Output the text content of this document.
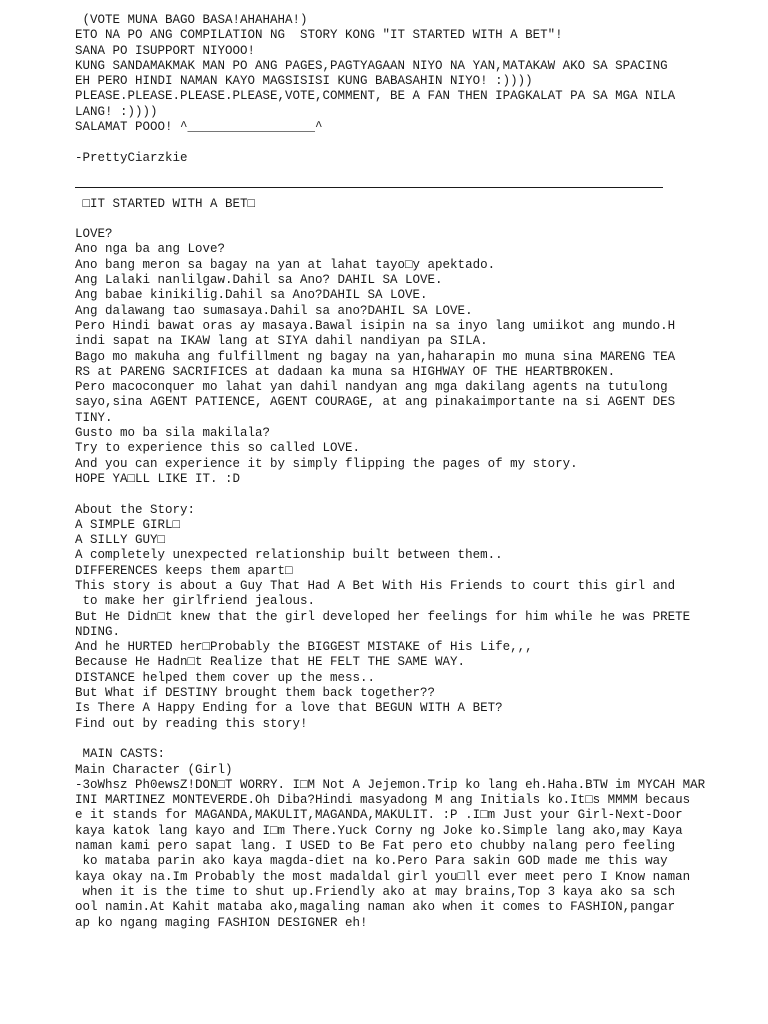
(VOTE MUNA BAGO BASA!AHAHAHA!)
ETO NA PO ANG COMPILATION NG  STORY KONG "IT STARTED WITH A BET"!
SANA PO ISUPPORT NIYOOO!
KUNG SANDAMAKMAK MAN PO ANG PAGES,PAGTYAGAAN NIYO NA YAN,MATAKAW AKO SA SPACING
EH PERO HINDI NAMAN KAYO MAGSISISI KUNG BABASAHIN NIYO! :))))
PLEASE.PLEASE.PLEASE.PLEASE,VOTE,COMMENT, BE A FAN THEN IPAGKALAT PA SA MGA NILA
LANG! :))))
SALAMAT POOO! ^_________________^
-PrettyCiarzkie
□IT STARTED WITH A BET□
LOVE?
Ano nga ba ang Love?
Ano bang meron sa bagay na yan at lahat tayo□y apektado.
Ang Lalaki nanlilgaw.Dahil sa Ano? DAHIL SA LOVE.
Ang babae kinikilig.Dahil sa Ano?DAHIL SA LOVE.
Ang dalawang tao sumasaya.Dahil sa ano?DAHIL SA LOVE.
Pero Hindi bawat oras ay masaya.Bawal isipin na sa inyo lang umiikot ang mundo.H
indi sapat na IKAW lang at SIYA dahil nandiyan pa SILA.
Bago mo makuha ang fulfillment ng bagay na yan,haharapin mo muna sina MARENG TEA
RS at PARENG SACRIFICES at dadaan ka muna sa HIGHWAY OF THE HEARTBROKEN.
Pero macoconquer mo lahat yan dahil nandyan ang mga dakilang agents na tutulong
sayo,sina AGENT PATIENCE, AGENT COURAGE, at ang pinakaimportante na si AGENT DES
TINY.
Gusto mo ba sila makilala?
Try to experience this so called LOVE.
And you can experience it by simply flipping the pages of my story.
HOPE YA□LL LIKE IT. :D
About the Story:
A SIMPLE GIRL□
A SILLY GUY□
A completely unexpected relationship built between them..
DIFFERENCES keeps them apart□
This story is about a Guy That Had A Bet With His Friends to court this girl and
to make her girlfriend jealous.
But He Didn□t knew that the girl developed her feelings for him while he was PRETE
NDING.
And he HURTED her□Probably the BIGGEST MISTAKE of His Life,,,
Because He Hadn□t Realize that HE FELT THE SAME WAY.
DISTANCE helped them cover up the mess..
But What if DESTINY brought them back together??
Is There A Happy Ending for a love that BEGUN WITH A BET?
Find out by reading this story!
MAIN CASTS:
Main Character (Girl)
-3oWhsz Ph0ewsZ!DON□T WORRY. I□M Not A Jejemon.Trip ko lang eh.Haha.BTW im MYCAH MAR
INI MARTINEZ MONTEVERDE.Oh Diba?Hindi masyadong M ang Initials ko.It□s MMMM becaus
e it stands for MAGANDA,MAKULIT,MAGANDA,MAKULIT. :P .I□m Just your Girl-Next-Door
kaya katok lang kayo and I□m There.Yuck Corny ng Joke ko.Simple lang ako,may Kaya
naman kami pero sapat lang. I USED to Be Fat pero eto chubby nalang pero feeling
ko mataba parin ako kaya magda-diet na ko.Pero Para sakin GOD made me this way
kaya okay na.Im Probably the most madaldal girl you□ll ever meet pero I Know naman
when it is the time to shut up.Friendly ako at may brains,Top 3 kaya ako sa sch
ool namin.At Kahit mataba ako,magaling naman ako when it comes to FASHION,pangar
ap ko ngang maging FASHION DESIGNER eh!
